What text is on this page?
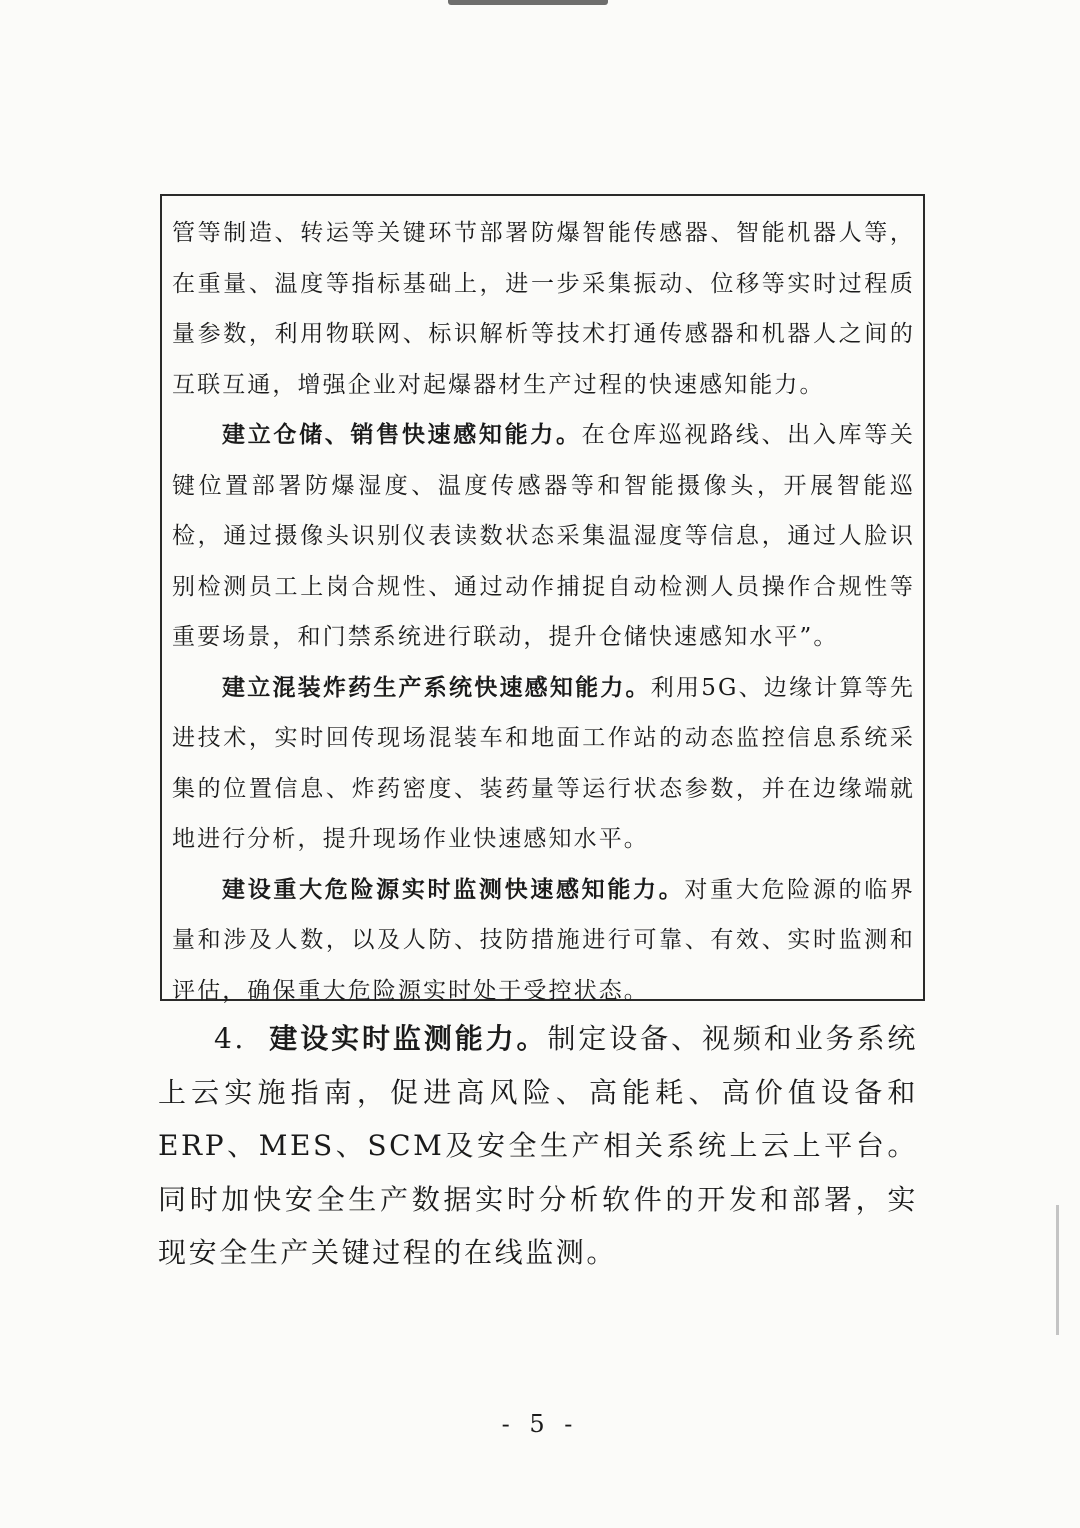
管等制造、转运等关键环节部署防爆智能传感器、智能机器人等，在重量、温度等指标基础上，进一步采集振动、位移等实时过程质量参数，利用物联网、标识解析等技术打通传感器和机器人之间的互联互通，增强企业对起爆器材生产过程的快速感知能力。

建立仓储、销售快速感知能力。在仓库巡视路线、出入库等关键位置部署防爆湿度、温度传感器等和智能摄像头，开展智能巡检，通过摄像头识别仪表读数状态采集温湿度等信息，通过人脸识别检测员工上岗合规性、通过动作捕捉自动检测人员操作合规性等重要场景，和门禁系统进行联动，提升仓储快速感知水平”。

建立混装炸药生产系统快速感知能力。利用5G、边缘计算等先进技术，实时回传现场混装车和地面工作站的动态监控信息系统采集的位置信息、炸药密度、装药量等运行状态参数，并在边缘端就地进行分析，提升现场作业快速感知水平。

建设重大危险源实时监测快速感知能力。对重大危险源的临界量和涉及人数，以及人防、技防措施进行可靠、有效、实时监测和评估，确保重大危险源实时处于受控状态。

4. 建设实时监测能力。制定设备、视频和业务系统上云实施指南，促进高风险、高能耗、高价值设备和ERP、MES、SCM及安全生产相关系统上云上平台。同时加快安全生产数据实时分析软件的开发和部署，实现安全生产关键过程的在线监测。

- 5 -
